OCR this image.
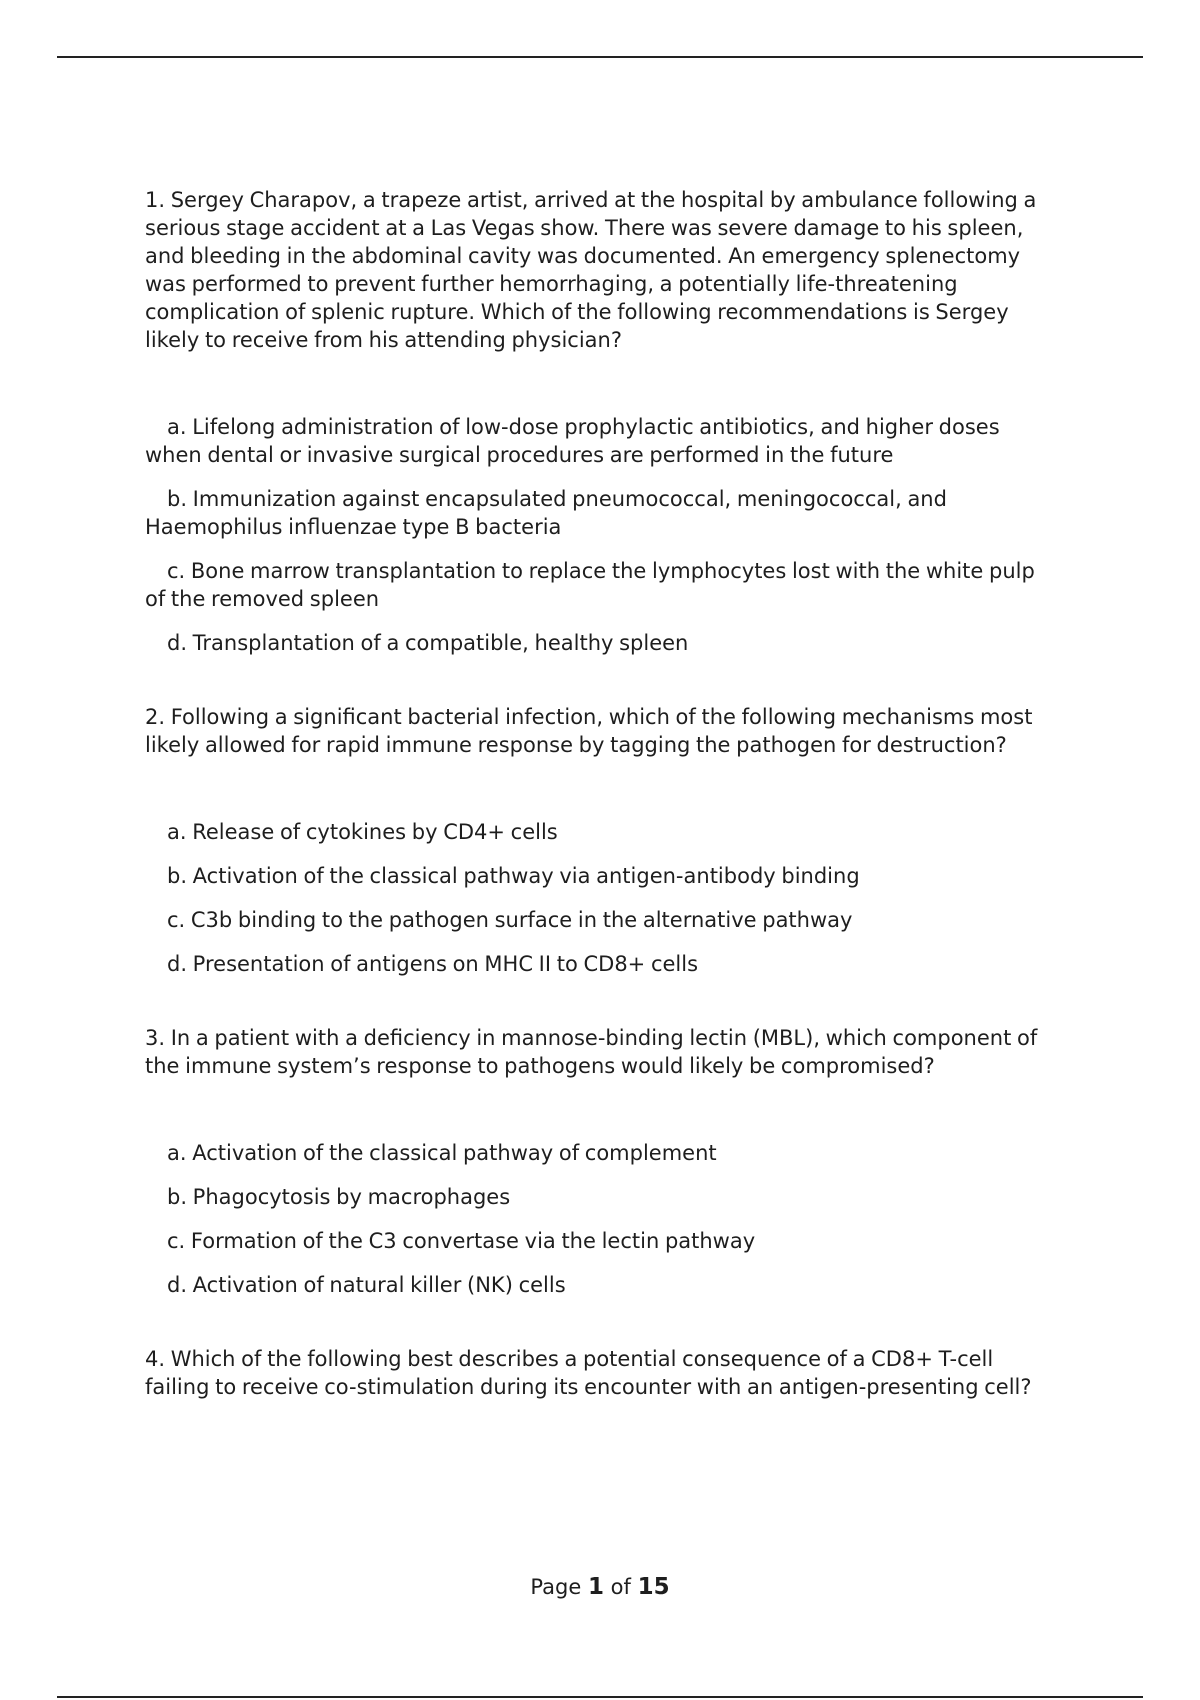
1. Sergey Charapov, a trapeze artist, arrived at the hospital by ambulance following a serious stage accident at a Las Vegas show. There was severe damage to his spleen, and bleeding in the abdominal cavity was documented. An emergency splenectomy was performed to prevent further hemorrhaging, a potentially life-threatening complication of splenic rupture. Which of the following recommendations is Sergey likely to receive from his attending physician?

a. Lifelong administration of low-dose prophylactic antibiotics, and higher doses when dental or invasive surgical procedures are performed in the future
b. Immunization against encapsulated pneumococcal, meningococcal, and Haemophilus influenzae type B bacteria
c. Bone marrow transplantation to replace the lymphocytes lost with the white pulp of the removed spleen
d. Transplantation of a compatible, healthy spleen

2. Following a significant bacterial infection, which of the following mechanisms most likely allowed for rapid immune response by tagging the pathogen for destruction?

a. Release of cytokines by CD4+ cells
b. Activation of the classical pathway via antigen-antibody binding
c. C3b binding to the pathogen surface in the alternative pathway
d. Presentation of antigens on MHC II to CD8+ cells

3. In a patient with a deficiency in mannose-binding lectin (MBL), which component of the immune system’s response to pathogens would likely be compromised?

a. Activation of the classical pathway of complement
b. Phagocytosis by macrophages
c. Formation of the C3 convertase via the lectin pathway
d. Activation of natural killer (NK) cells

4. Which of the following best describes a potential consequence of a CD8+ T-cell failing to receive co-stimulation during its encounter with an antigen-presenting cell?

Page 1 of 15
